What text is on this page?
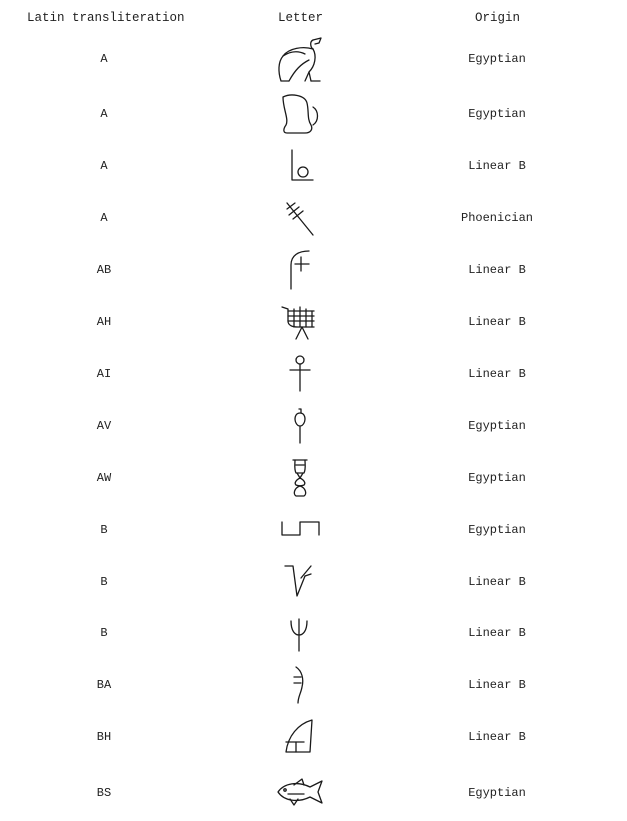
Latin transliteration	Letter	Origin
A	Egyptian
A	Egyptian
A	Linear B
A	Phoenician
AB	Linear B
AH	Linear B
AI	Linear B
AV	Egyptian
AW	Egyptian
B	Egyptian
B	Linear B
B	Linear B
BA	Linear B
BH	Linear B
BS	Egyptian
